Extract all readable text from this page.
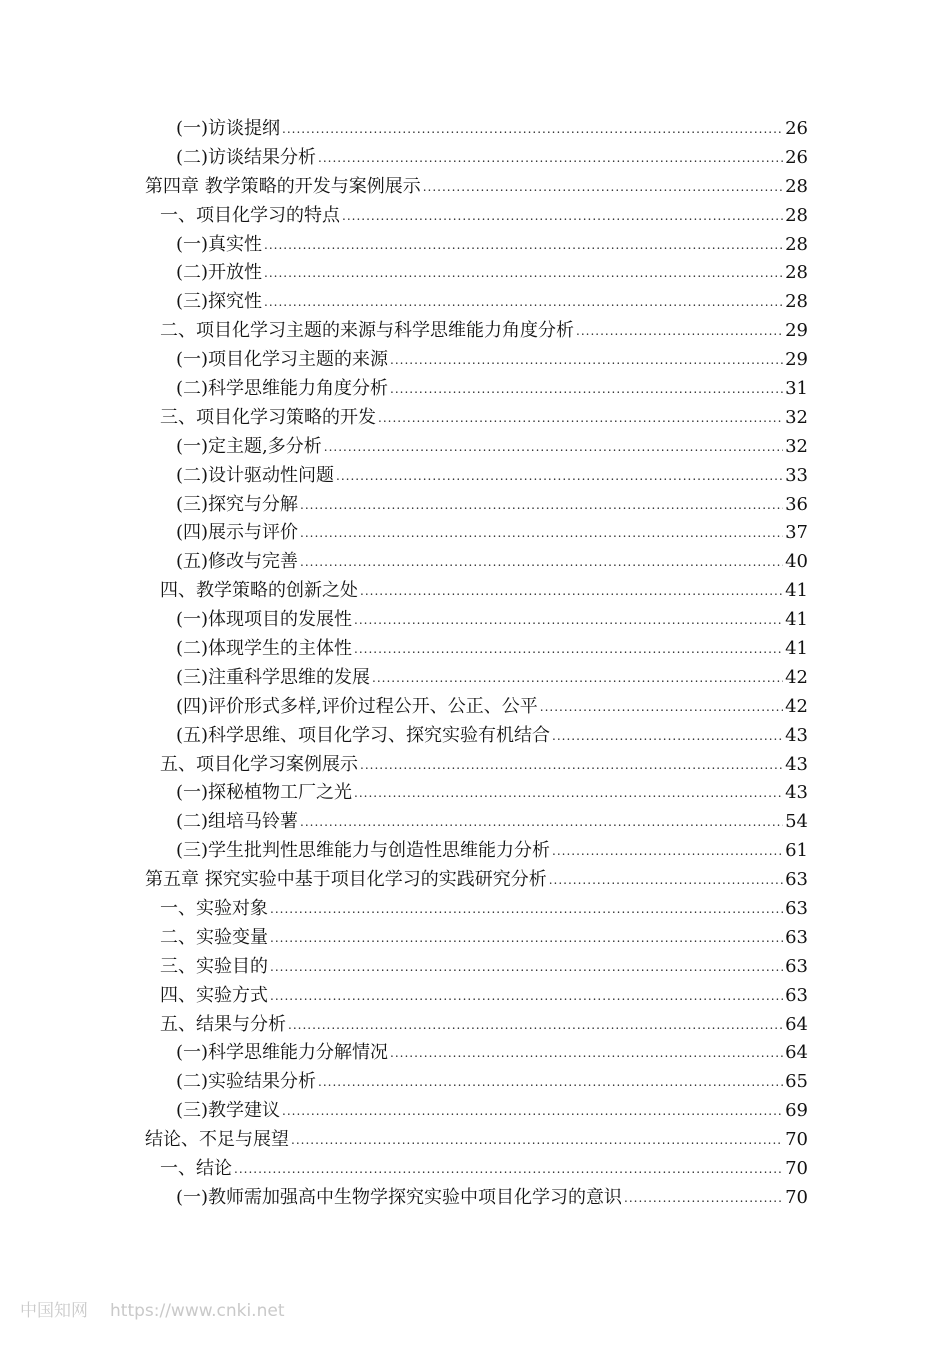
(一)访谈提纲 .....	26
(二)访谈结果分析 .....	26
第四章 教学策略的开发与案例展示 .....	28
一、项目化学习的特点 .....	28
(一)真实性 .....	28
(二)开放性 .....	28
(三)探究性 .....	28
二、项目化学习主题的来源与科学思维能力角度分析 .....	29
(一)项目化学习主题的来源 .....	29
(二)科学思维能力角度分析 .....	31
三、项目化学习策略的开发 .....	32
(一)定主题,多分析 .....	32
(二)设计驱动性问题 .....	33
(三)探究与分解 .....	36
(四)展示与评价 .....	37
(五)修改与完善 .....	40
四、教学策略的创新之处 .....	41
(一)体现项目的发展性 .....	41
(二)体现学生的主体性 .....	41
(三)注重科学思维的发展 .....	42
(四)评价形式多样,评价过程公开、公正、公平 .....	42
(五)科学思维、项目化学习、探究实验有机结合 .....	43
五、项目化学习案例展示 .....	43
(一)探秘植物工厂之光 .....	43
(二)组培马铃薯 .....	54
(三)学生批判性思维能力与创造性思维能力分析 .....	61
第五章 探究实验中基于项目化学习的实践研究分析 .....	63
一、实验对象 .....	63
二、实验变量 .....	63
三、实验目的 .....	63
四、实验方式 .....	63
五、结果与分析 .....	64
(一)科学思维能力分解情况 .....	64
(二)实验结果分析 .....	65
(三)教学建议 .....	69
结论、不足与展望 .....	70
一、结论 .....	70
(一)教师需加强高中生物学探究实验中项目化学习的意识 .....	70
中国知网 https://www.cnki.net
